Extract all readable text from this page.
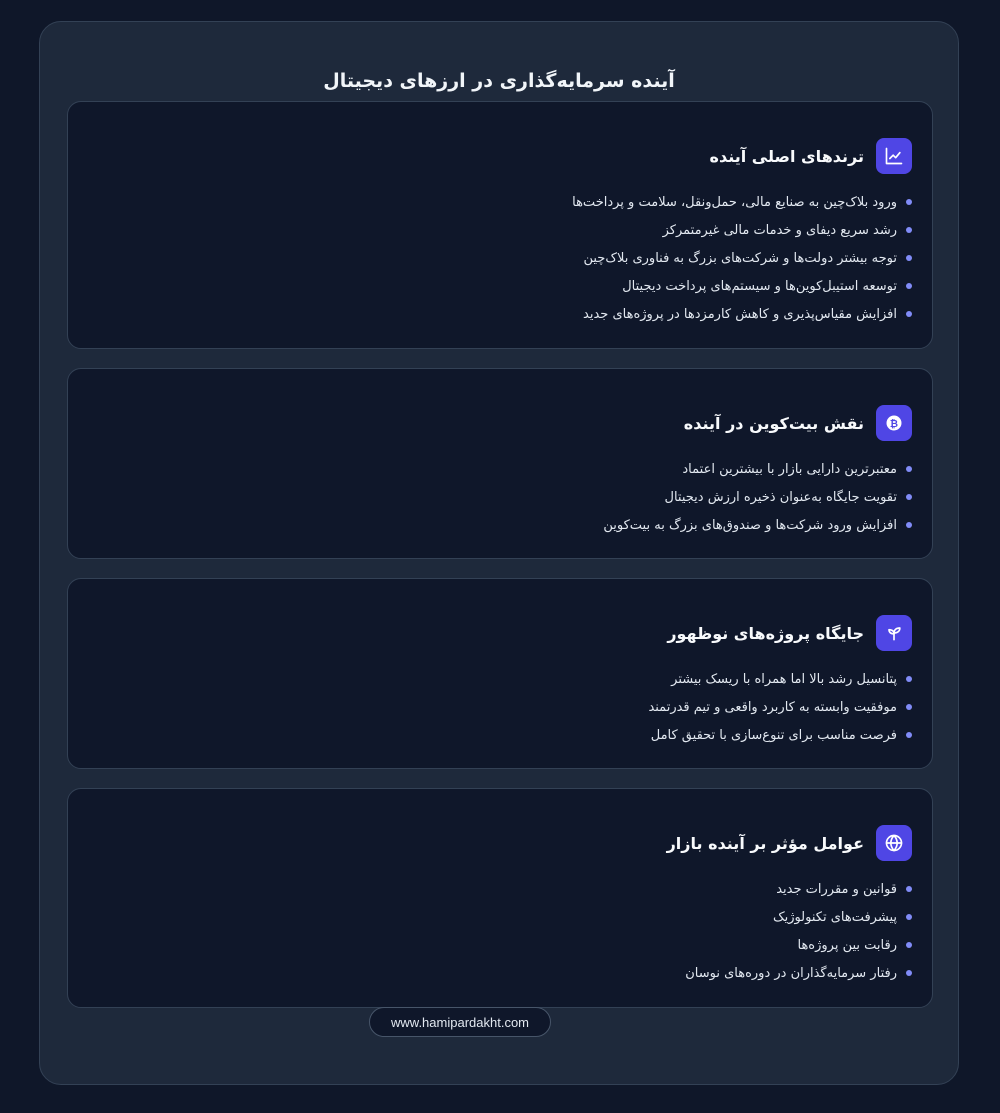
آینده سرمایه‌گذاری در ارزهای دیجیتال
ترندهای اصلی آینده
ورود بلاک‌چین به صنایع مالی، حمل‌ونقل، سلامت و پرداخت‌ها
رشد سریع دیفای و خدمات مالی غیرمتمرکز
توجه بیشتر دولت‌ها و شرکت‌های بزرگ به فناوری بلاک‌چین
توسعه استیبل‌کوین‌ها و سیستم‌های پرداخت دیجیتال
افزایش مقیاس‌پذیری و کاهش کارمزدها در پروژه‌های جدید
₿
نقش بیت‌کوین در آینده
معتبرترین دارایی بازار با بیشترین اعتماد
تقویت جایگاه به‌عنوان ذخیره ارزش دیجیتال
افزایش ورود شرکت‌ها و صندوق‌های بزرگ به بیت‌کوین
جایگاه پروژه‌های نوظهور
پتانسیل رشد بالا اما همراه با ریسک بیشتر
موفقیت وابسته به کاربرد واقعی و تیم قدرتمند
فرصت مناسب برای تنوع‌سازی با تحقیق کامل
عوامل مؤثر بر آینده بازار
قوانین و مقررات جدید
پیشرفت‌های تکنولوژیک
رقابت بین پروژه‌ها
رفتار سرمایه‌گذاران در دوره‌های نوسان
www.hamipardakht.com
